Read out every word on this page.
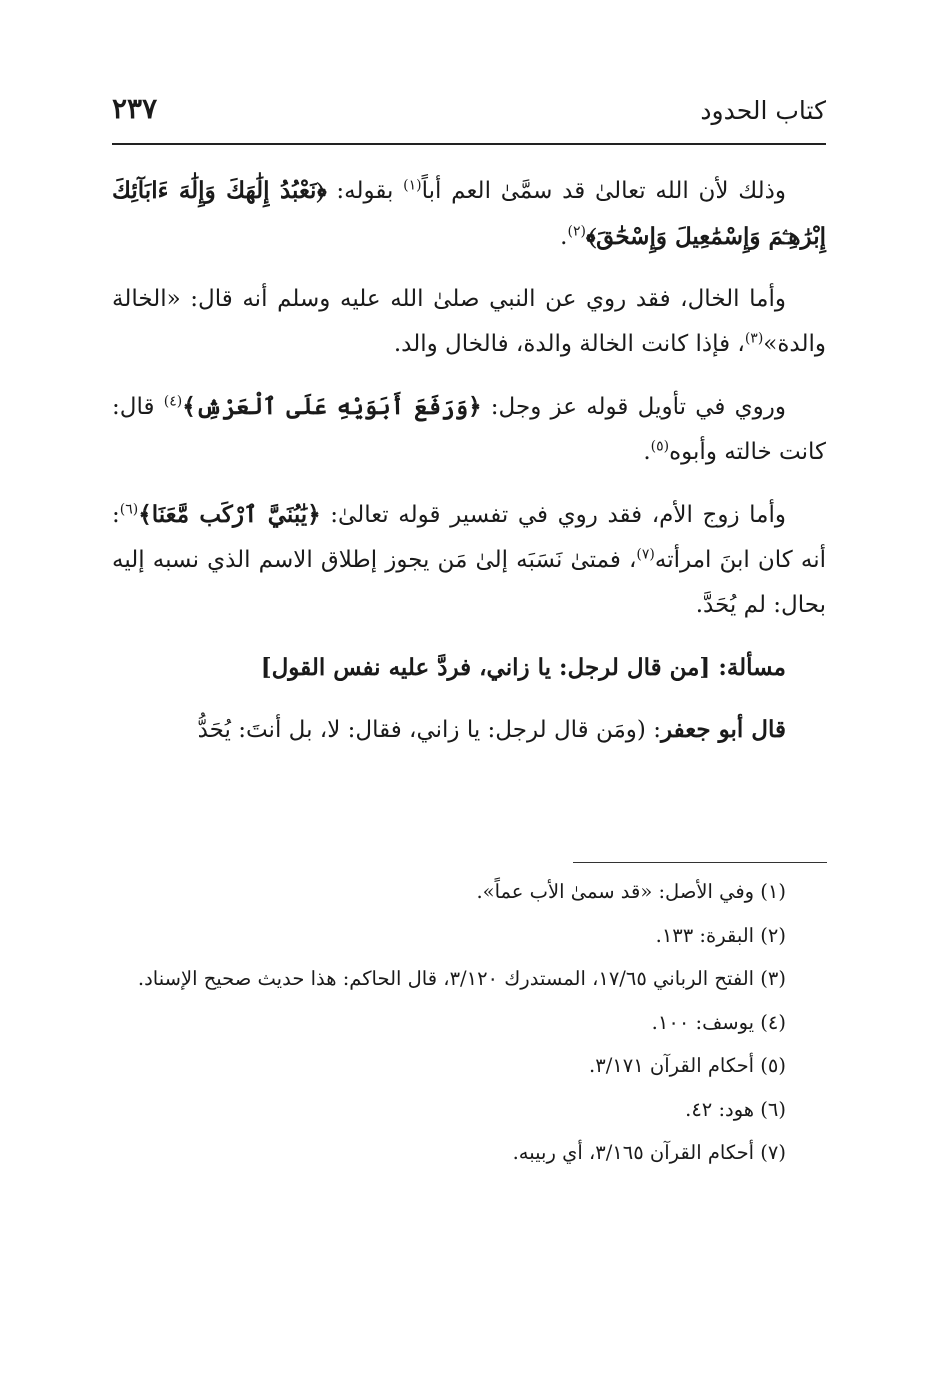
كتاب الحدود
٢٣٧

وذلك لأن الله تعالىٰ قد سمَّىٰ العم أباً$^{(١)}$ بقوله: ﴿نَعْبُدُ إِلَٰهَكَ وَإِلَٰهَ ءَابَآئِكَ إِبْرَٰهِـۧمَ وَإِسْمَٰعِيلَ وَإِسْحَٰقَ﴾$^{(٢)}$.

وأما الخال، فقد روي عن النبي صلىٰ الله عليه وسلم أنه قال: «الخالة والدة»$^{(٣)}$، فإذا كانت الخالة والدة، فالخال والد.

وروي في تأويل قوله عز وجل: ﴿وَرَفَعَ أَبَوَيْهِ عَلَى ٱلْعَرْشِ﴾$^{(٤)}$ قال: كانت خالته وأبوه$^{(٥)}$.

وأما زوج الأم، فقد روي في تفسير قوله تعالىٰ: ﴿يَٰبُنَيَّ ٱرْكَب مَّعَنَا﴾$^{(٦)}$: أنه كان ابنَ امرأته$^{(٧)}$، فمتىٰ نَسَبَه إلىٰ مَن يجوز إطلاق الاسم الذي نسبه إليه بحال: لم يُحَدَّ.

مسألة: [من قال لرجل: يا زاني، فردَّ عليه نفس القول]

قال أبو جعفر: (ومَن قال لرجل: يا زاني، فقال: لا، بل أنتَ: يُحَدُّ

(١) وفي الأصل: «قد سمىٰ الأب عماً».

(٢) البقرة: ١٣٣.

(٣) الفتح الرباني ١٧/٦٥، المستدرك ٣/١٢٠، قال الحاكم: هذا حديث صحيح الإسناد.

(٤) يوسف: ١٠٠.

(٥) أحكام القرآن ٣/١٧١.

(٦) هود: ٤٢.

(٧) أحكام القرآن ٣/١٦٥، أي ربيبه.
